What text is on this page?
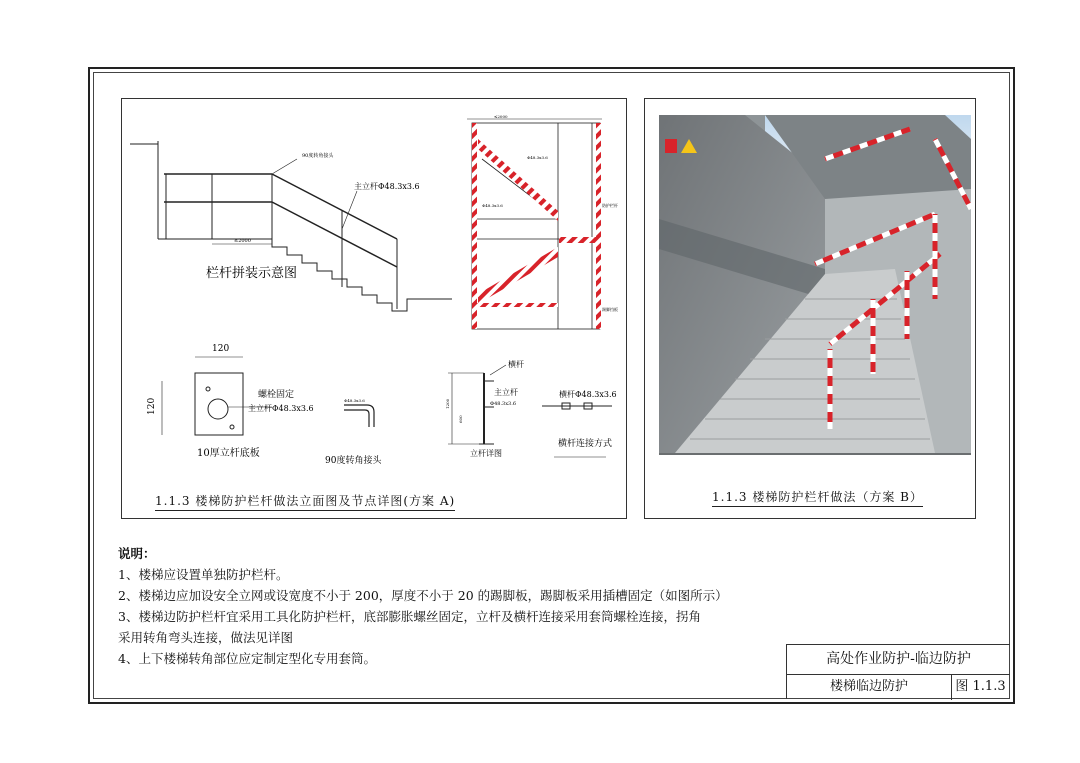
90度转角接头
主立杆Φ48.3x3.6
≤2000
栏杆拼装示意图
≤2000
Φ48.3x3.6
Φ48.3x3.6	防护栏杆
踢脚挡板
120
120
螺栓固定
主立杆Φ48.3x3.6
10厚立杆底板
Φ48.3x3.6
90度转角接头
横杆
主立杆
Φ48.3x3.6
1200
600
立杆详图
横杆Φ48.3x3.6
横杆连接方式
1.1.3 楼梯防护栏杆做法立面图及节点详图(方案 A)	1.1.3 楼梯防护栏杆做法（方案 B）
说明：
1、楼梯应设置单独防护栏杆。
2、楼梯边应加设安全立网或设宽度不小于 200，厚度不小于 20 的踢脚板，踢脚板采用插槽固定（如图所示）
3、楼梯边防护栏杆宜采用工具化防护栏杆，底部膨胀螺丝固定，立杆及横杆连接采用套筒螺栓连接，拐角
采用转角弯头连接，做法见详图
4、上下楼梯转角部位应定制定型化专用套筒。	高处作业防护-临边防护
楼梯临边防护	图 1.1.3
